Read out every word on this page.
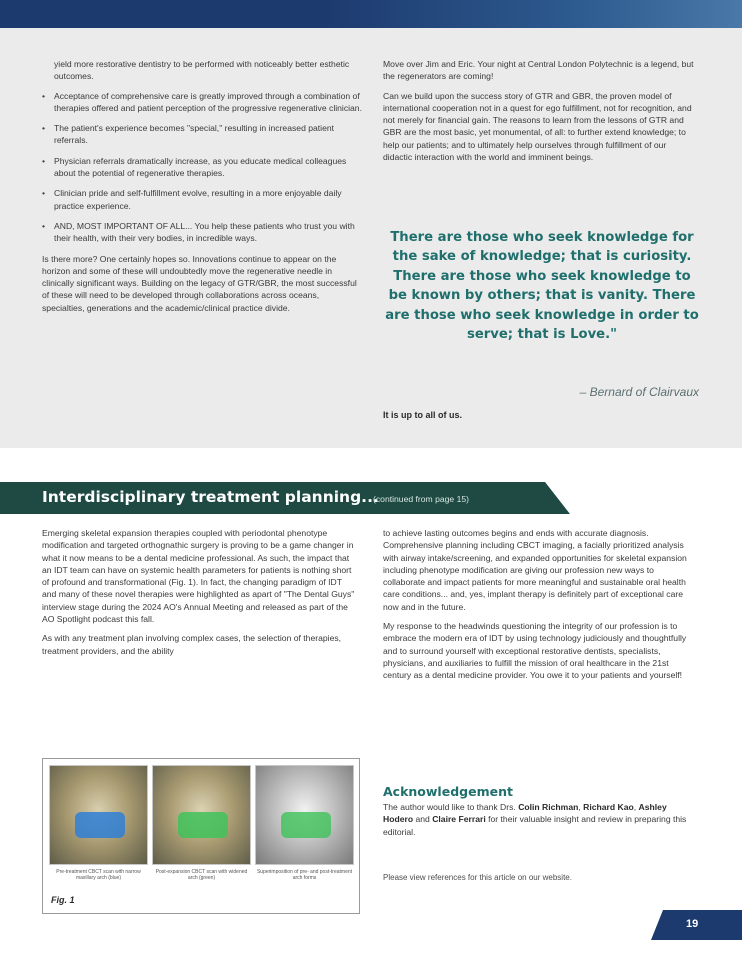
yield more restorative dentistry to be performed with noticeably better esthetic outcomes.

• Acceptance of comprehensive care is greatly improved through a combination of therapies offered and patient perception of the progressive regenerative clinician.
• The patient's experience becomes "special," resulting in increased patient referrals.
• Physician referrals dramatically increase, as you educate medical colleagues about the potential of regenerative therapies.
• Clinician pride and self-fulfillment evolve, resulting in a more enjoyable daily practice experience.
• AND, MOST IMPORTANT OF ALL... You help these patients who trust you with their health, with their very bodies, in incredible ways.

Is there more? One certainly hopes so. Innovations continue to appear on the horizon and some of these will undoubtedly move the regenerative needle in clinically significant ways. Building on the legacy of GTR/GBR, the most successful of these will need to be developed through collaborations across oceans, specialties, generations and the academic/clinical practice divide.

Move over Jim and Eric. Your night at Central London Polytechnic is a legend, but the regenerators are coming!

Can we build upon the success story of GTR and GBR, the proven model of international cooperation not in a quest for ego fulfillment, not for recognition, and not merely for financial gain. The reasons to learn from the lessons of GTR and GBR are the most basic, yet monumental, of all: to further extend knowledge; to help our patients; and to ultimately help ourselves through fulfillment of our didactic interaction with the world and imminent beings.

There are those who seek knowledge for the sake of knowledge; that is curiosity. There are those who seek knowledge to be known by others; that is vanity. There are those who seek knowledge in order to serve; that is Love."
– Bernard of Clairvaux
It is up to all of us.
Interdisciplinary treatment planning...
(continued from page 15)

Emerging skeletal expansion therapies coupled with periodontal phenotype modification and targeted orthognathic surgery is proving to be a game changer in what it now means to be a dental medicine professional. As such, the impact that an IDT team can have on systemic health parameters for patients is nothing short of profound and transformational (Fig. 1). In fact, the changing paradigm of IDT and many of these novel therapies were highlighted as apart of "The Dental Guys" interview stage during the 2024 AO's Annual Meeting and released as part of the AO Spotlight podcast this fall.

As with any treatment plan involving complex cases, the selection of therapies, treatment providers, and the ability

to achieve lasting outcomes begins and ends with accurate diagnosis. Comprehensive planning including CBCT imaging, a facially prioritized analysis with airway intake/screening, and expanded opportunities for skeletal expansion including phenotype modification are giving our profession new ways to collaborate and impact patients for more meaningful and sustainable oral health care conditions... and, yes, implant therapy is definitely part of exceptional care now and in the future.

My response to the headwinds questioning the integrity of our profession is to embrace the modern era of IDT by using technology judiciously and thoughtfully and to surround yourself with exceptional restorative dentists, specialists, physicians, and auxiliaries to fulfill the mission of oral healthcare in the 21st century as a dental medicine provider. You owe it to your patients and yourself!

Acknowledgement
The author would like to thank Drs. Colin Richman, Richard Kao, Ashley Hodero and Claire Ferrari for their valuable insight and review in preparing this editorial.
Please view references for this article on our website.
Pre-treatment CBCT scan with narrow maxillary arch (blue)
Post-expansion CBCT scan with widened arch (green)
Superimposition of pre- and post-treatment arch forms
Fig. 1
19
